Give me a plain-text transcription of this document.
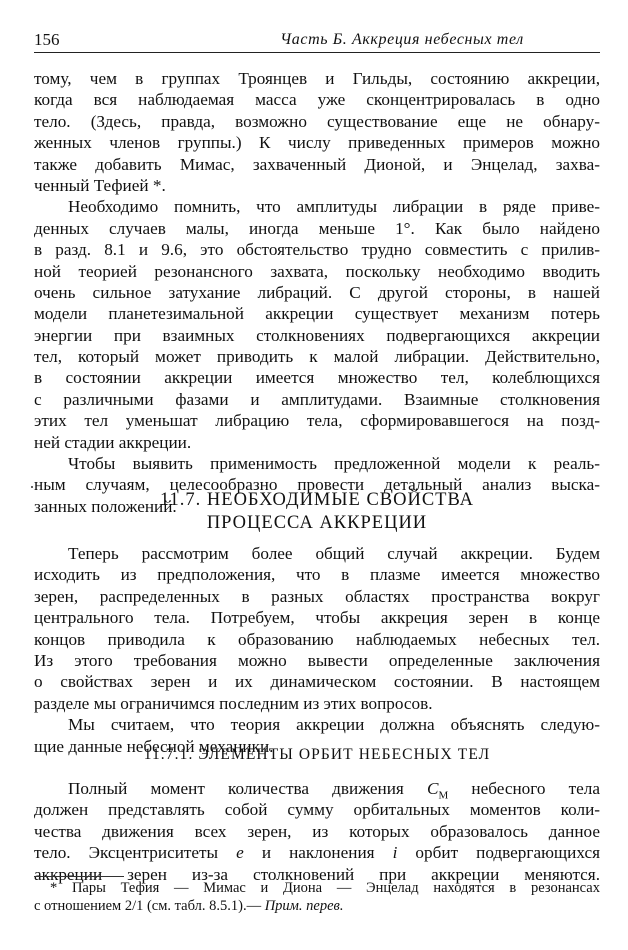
156	Часть Б. Аккреция небесных тел
тому, чем в группах Троянцев и Гильды, состоянию аккреции,
когда вся наблюдаемая масса уже сконцентрировалась в одно
тело. (Здесь, правда, возможно существование еще не обнару-
женных членов группы.) К числу приведенных примеров можно
также добавить Мимас, захваченный Дионой, и Энцелад, захва-
ченный Тефией *.
Необходимо помнить, что амплитуды либрации в ряде приве-
денных случаев малы, иногда меньше 1°. Как было найдено
в разд. 8.1 и 9.6, это обстоятельство трудно совместить с прилив-
ной теорией резонансного захвата, поскольку необходимо вводить
очень сильное затухание либраций. С другой стороны, в нашей
модели планетезимальной аккреции существует механизм потерь
энергии при взаимных столкновениях подвергающихся аккреции
тел, который может приводить к малой либрации. Действительно,
в состоянии аккреции имеется множество тел, колеблющихся
с различными фазами и амплитудами. Взаимные столкновения
этих тел уменьшат либрацию тела, сформировавшегося на позд-
ней стадии аккреции.
Чтобы выявить применимость предложенной модели к реаль-
ным случаям, целесообразно провести детальный анализ выска-
занных положений.
11.7. НЕОБХОДИМЫЕ СВОЙСТВА
ПРОЦЕССА АККРЕЦИИ
Теперь рассмотрим более общий случай аккреции. Будем
исходить из предположения, что в плазме имеется множество
зерен, распределенных в разных областях пространства вокруг
центрального тела. Потребуем, чтобы аккреция зерен в конце
концов приводила к образованию наблюдаемых небесных тел.
Из этого требования можно вывести определенные заключения
о свойствах зерен и их динамическом состоянии. В настоящем
разделе мы ограничимся последним из этих вопросов.
Мы считаем, что теория аккреции должна объяснять следую-
щие данные небесной механики.
11.7.1. ЭЛЕМЕНТЫ ОРБИТ НЕБЕСНЫХ ТЕЛ
Полный момент количества движения $C_M$ небесного тела
должен представлять собой сумму орбитальных моментов коли-
чества движения всех зерен, из которых образовалось данное
тело. Эксцентриситеты e и наклонения i орбит подвергающихся
аккреции зерен из-за столкновений при аккреции меняются.
* Пары Тефия — Мимас и Диона — Энцелад находятся в резонансах
с отношением 2/1 (см. табл. 8.5.1).— Прим. перев.
